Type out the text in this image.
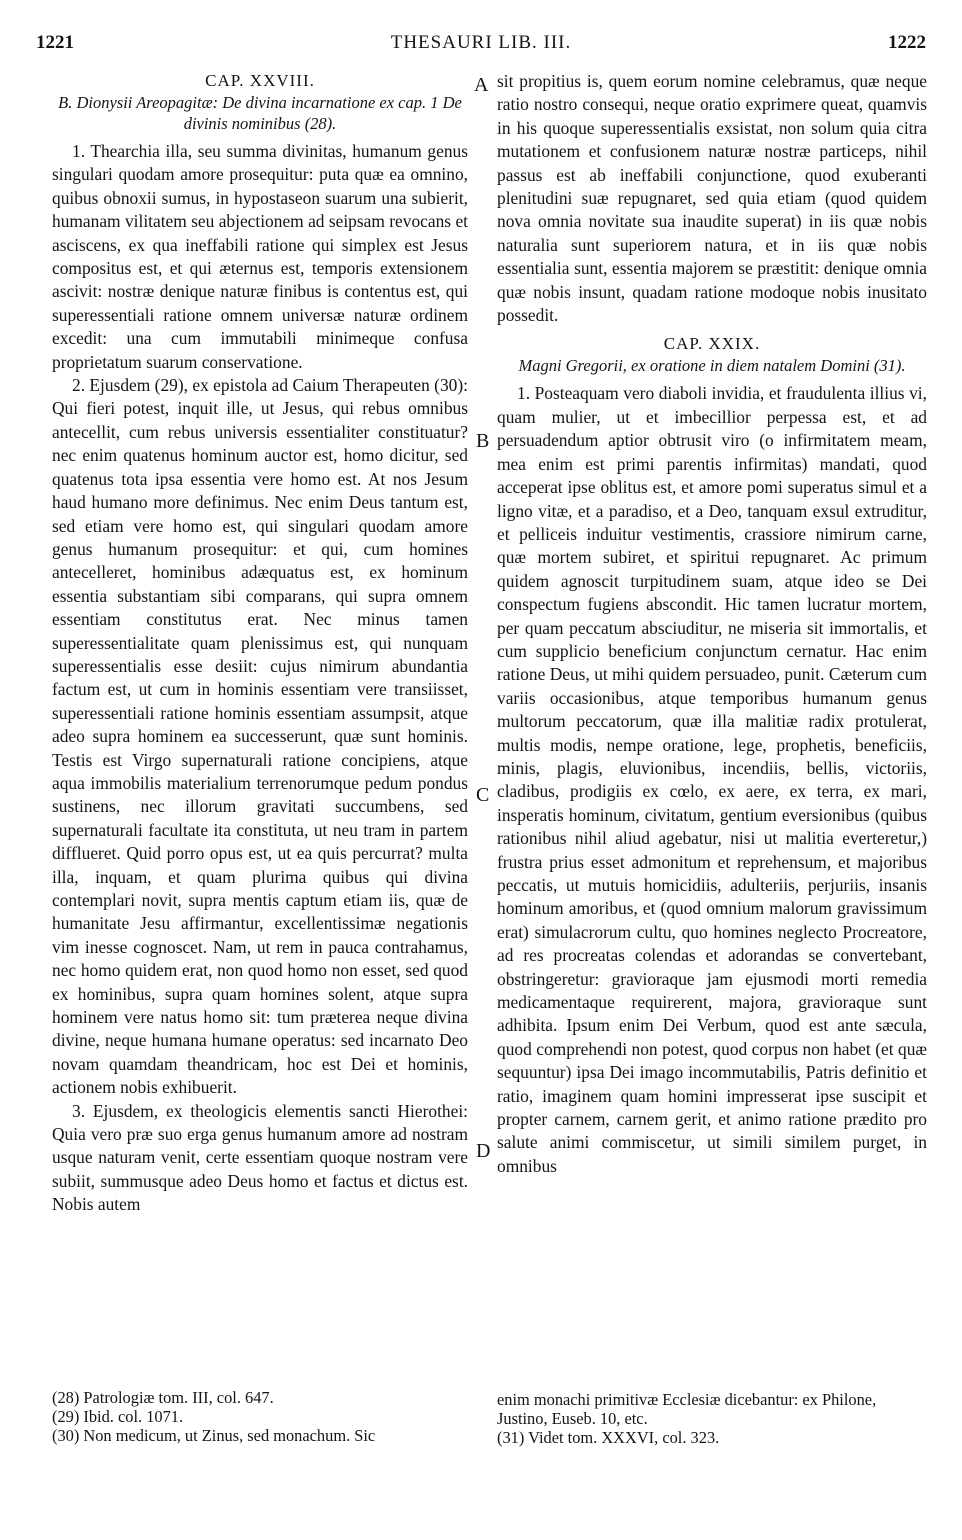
1221	THESAURI LIB. III.	1222
A
B
C
D
CAP. XXVIII.
B. Dionysii Areopagitæ: De divina incarnatione ex cap. 1 De divinis nominibus (28).

1. Thearchia illa, seu summa divinitas, humanum genus singulari quodam amore prosequitur: puta quæ ea omnino, quibus obnoxii sumus, in hypostaseon suarum una subierit, humanam vilitatem seu abjectionem ad seipsam revocans et asciscens, ex qua ineffabili ratione qui simplex est Jesus compositus est, et qui æternus est, temporis extensionem ascivit: nostræ denique naturæ finibus is contentus est, qui superessentiali ratione omnem universæ naturæ ordinem excedit: una cum immutabili minimeque confusa proprietatum suarum conservatione.

2. Ejusdem (29), ex epistola ad Caium Therapeuten (30): Qui fieri potest, inquit ille, ut Jesus, qui rebus omnibus antecellit, cum rebus universis essentialiter constituatur? nec enim quatenus hominum auctor est, homo dicitur, sed quatenus tota ipsa essentia vere homo est. At nos Jesum haud humano more definimus. Nec enim Deus tantum est, sed etiam vere homo est, qui singulari quodam amore genus humanum prosequitur: et qui, cum homines antecelleret, hominibus adæquatus est, ex hominum essentia substantiam sibi comparans, qui supra omnem essentiam constitutus erat. Nec minus tamen superessentialitate quam plenissimus est, qui nunquam superessentialis esse desiit: cujus nimirum abundantia factum est, ut cum in hominis essentiam vere transiisset, superessentiali ratione hominis essentiam assumpsit, atque adeo supra hominem ea successerunt, quæ sunt hominis. Testis est Virgo supernaturali ratione concipiens, atque aqua immobilis materialium terrenorumque pedum pondus sustinens, nec illorum gravitati succumbens, sed supernaturali facultate ita constituta, ut neu tram in partem difflueret. Quid porro opus est, ut ea quis percurrat? multa illa, inquam, et quam plurima quibus qui divina contemplari novit, supra mentis captum etiam iis, quæ de humanitate Jesu affirmantur, excellentissimæ negationis vim inesse cognoscet. Nam, ut rem in pauca contrahamus, nec homo quidem erat, non quod homo non esset, sed quod ex hominibus, supra quam homines solent, atque supra hominem vere natus homo sit: tum præterea neque divina divine, neque humana humane operatus: sed incarnato Deo novam quamdam theandricam, hoc est Dei et hominis, actionem nobis exhibuerit.

3. Ejusdem, ex theologicis elementis sancti Hierothei: Quia vero præ suo erga genus humanum amore ad nostram usque naturam venit, certe essentiam quoque nostram vere subiit, summusque adeo Deus homo et factus et dictus est. Nobis autem

sit propitius is, quem eorum nomine celebramus, quæ neque ratio nostro consequi, neque oratio exprimere queat, quamvis in his quoque superessentialis exsistat, non solum quia citra mutationem et confusionem naturæ nostræ particeps, nihil passus est ab ineffabili conjunctione, quod exuberanti plenitudini suæ repugnaret, sed quia etiam (quod quidem nova omnia novitate sua inaudite superat) in iis quæ nobis naturalia sunt superiorem natura, et in iis quæ nobis essentialia sunt, essentia majorem se præstitit: denique omnia quæ nobis insunt, quadam ratione modoque nobis inusitato possedit.

CAP. XXIX.
Magni Gregorii, ex oratione in diem natalem Domini (31).

1. Posteaquam vero diaboli invidia, et fraudulenta illius vi, quam mulier, ut et imbecillior perpessa est, et ad persuadendum aptior obtrusit viro (o infirmitatem meam, mea enim est primi parentis infirmitas) mandati, quod acceperat ipse oblitus est, et amore pomi superatus simul et a ligno vitæ, et a paradiso, et a Deo, tanquam exsul extruditur, et pelliceis induitur vestimentis, crassiore nimirum carne, quæ mortem subiret, et spiritui repugnaret. Ac primum quidem agnoscit turpitudinem suam, atque ideo se Dei conspectum fugiens abscondit. Hic tamen lucratur mortem, per quam peccatum absciuditur, ne miseria sit immortalis, et cum supplicio beneficium conjunctum cernatur. Hac enim ratione Deus, ut mihi quidem persuadeo, punit. Cæterum cum variis occasionibus, atque temporibus humanum genus multorum peccatorum, quæ illa malitiæ radix protulerat, multis modis, nempe oratione, lege, prophetis, beneficiis, minis, plagis, eluvionibus, incendiis, bellis, victoriis, cladibus, prodigiis ex cœlo, ex aere, ex terra, ex mari, insperatis hominum, civitatum, gentium eversionibus (quibus rationibus nihil aliud agebatur, nisi ut malitia everteretur,) frustra prius esset admonitum et reprehensum, et majoribus peccatis, ut mutuis homicidiis, adulteriis, perjuriis, insanis hominum amoribus, et (quod omnium malorum gravissimum erat) simulacrorum cultu, quo homines neglecto Procreatore, ad res procreatas colendas et adorandas se convertebant, obstringeretur: gravioraque jam ejusmodi morti remedia medicamentaque requirerent, majora, gravioraque sunt adhibita. Ipsum enim Dei Verbum, quod est ante sæcula, quod comprehendi non potest, quod corpus non habet (et quæ sequuntur) ipsa Dei imago incommutabilis, Patris definitio et ratio, imaginem quam homini impresserat ipse suscipit et propter carnem, carnem gerit, et animo ratione prædito pro salute animi commiscetur, ut simili similem purget, in omnibus

(28) Patrologiæ tom. III, col. 647.
(29) Ibid. col. 1071.
(30) Non medicum, ut Zinus, sed monachum. Sic
enim monachi primitivæ Ecclesiæ dicebantur: ex Philone, Justino, Euseb. 10, etc.
(31) Videt tom. XXXVI, col. 323.
